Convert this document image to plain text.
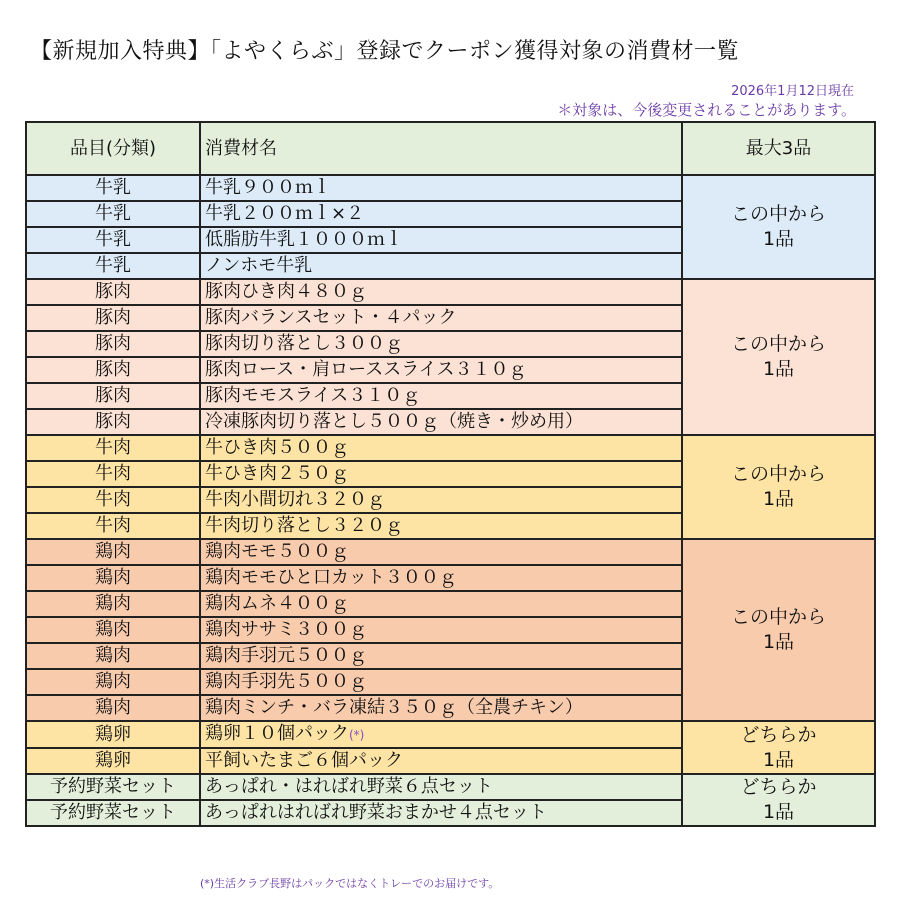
【新規加入特典】「よやくらぶ」登録でクーポン獲得対象の消費材一覧
2026年1月12日現在
＊対象は、今後変更されることがあります。
品目(分類)	消費材名	最大3品
牛乳	牛乳９００ｍｌ	この中から
1品

牛乳	牛乳２００ｍｌ×２	
牛乳	低脂肪牛乳１０００ｍｌ	
牛乳	ノンホモ牛乳	
豚肉	豚肉ひき肉４８０ｇ	この中から
1品

豚肉	豚肉バランスセット・４パック	
豚肉	豚肉切り落とし３００ｇ	
豚肉	豚肉ロース・肩ローススライス３１０ｇ	
豚肉	豚肉モモスライス３１０ｇ	
豚肉	冷凍豚肉切り落とし５００ｇ（焼き・炒め用）	
牛肉	牛ひき肉５００ｇ	この中から
1品

牛肉	牛ひき肉２５０ｇ	
牛肉	牛肉小間切れ３２０ｇ	
牛肉	牛肉切り落とし３２０ｇ	
鶏肉	鶏肉モモ５００ｇ	この中から
1品

鶏肉	鶏肉モモひと口カット３００ｇ	
鶏肉	鶏肉ムネ４００ｇ	
鶏肉	鶏肉ササミ３００ｇ	
鶏肉	鶏肉手羽元５００ｇ	
鶏肉	鶏肉手羽先５００ｇ	
鶏肉	鶏肉ミンチ・バラ凍結３５０ｇ（全農チキン）	
鶏卵	鶏卵１０個パック(*)	どちらか
1品

鶏卵	平飼いたまご６個パック	
予約野菜セット	あっぱれ・はればれ野菜６点セット	どちらか
1品

予約野菜セット	あっぱれはればれ野菜おまかせ４点セット	
(*)生活クラブ長野はパックではなくトレーでのお届けです。
